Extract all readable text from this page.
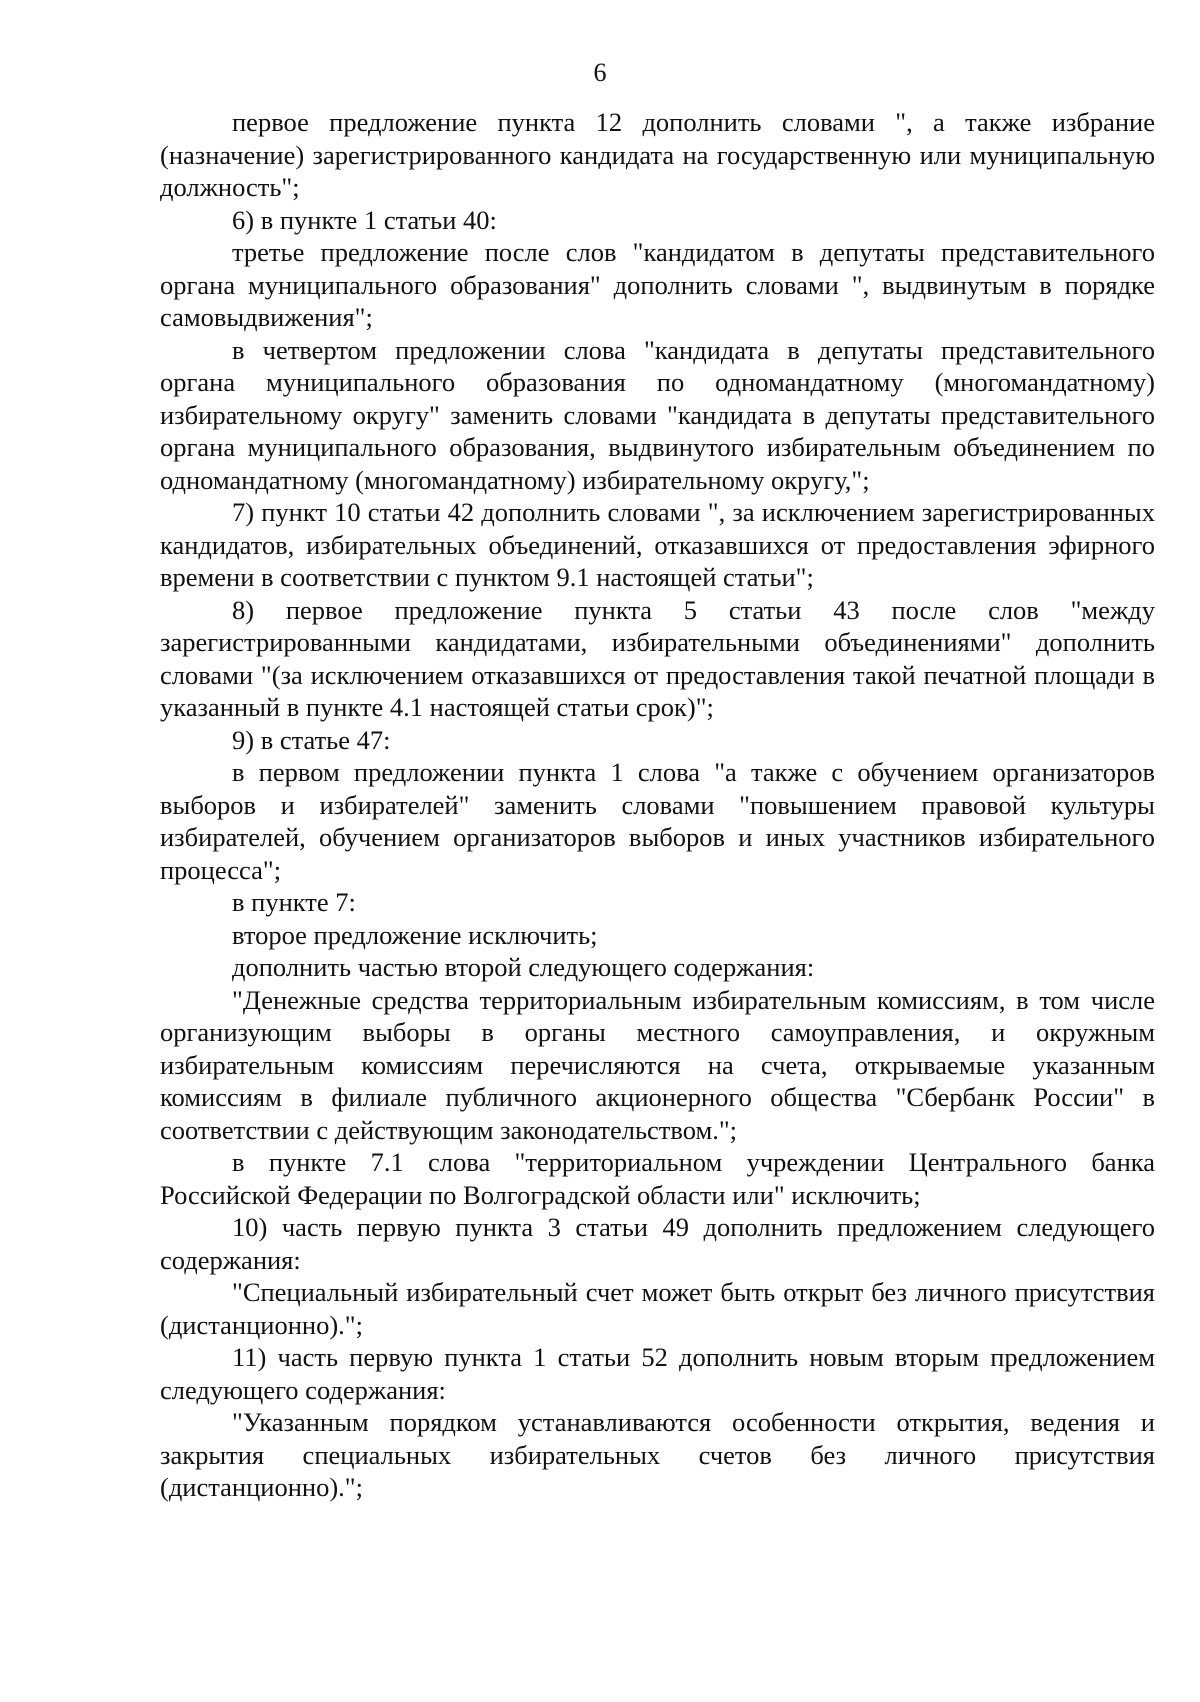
6

первое предложение пункта 12 дополнить словами ", а также избрание (назначение) зарегистрированного кандидата на государственную или муниципальную должность";

6) в пункте 1 статьи 40:

третье предложение после слов "кандидатом в депутаты представительного органа муниципального образования" дополнить словами ", выдвинутым в порядке самовыдвижения";

в четвертом предложении слова "кандидата в депутаты представительного органа муниципального образования по одномандатному (многомандатному) избирательному округу" заменить словами "кандидата в депутаты представительного органа муниципального образования, выдвинутого избирательным объединением по одномандатному (многомандатному) избирательному округу,";

7) пункт 10 статьи 42 дополнить словами ", за исключением зарегистрированных кандидатов, избирательных объединений, отказавшихся от предоставления эфирного времени в соответствии с пунктом 9.1 настоящей статьи";

8) первое предложение пункта 5 статьи 43 после слов "между зарегистрированными кандидатами, избирательными объединениями" дополнить словами "(за исключением отказавшихся от предоставления такой печатной площади в указанный в пункте 4.1 настоящей статьи срок)";

9) в статье 47:

в первом предложении пункта 1 слова "а также с обучением организаторов выборов и избирателей" заменить словами "повышением правовой культуры избирателей, обучением организаторов выборов и иных участников избирательного процесса";

в пункте 7:

второе предложение исключить;

дополнить частью второй следующего содержания:

"Денежные средства территориальным избирательным комиссиям, в том числе организующим выборы в органы местного самоуправления, и окружным избирательным комиссиям перечисляются на счета, открываемые указанным комиссиям в филиале публичного акционерного общества "Сбербанк России" в соответствии с действующим законодательством.";

в пункте 7.1 слова "территориальном учреждении Центрального банка Российской Федерации по Волгоградской области или" исключить;

10) часть первую пункта 3 статьи 49 дополнить предложением следующего содержания:

"Специальный избирательный счет может быть открыт без личного присутствия (дистанционно).";

11) часть первую пункта 1 статьи 52 дополнить новым вторым предложением следующего содержания:

"Указанным порядком устанавливаются особенности открытия, ведения и закрытия специальных избирательных счетов без личного присутствия (дистанционно).";
